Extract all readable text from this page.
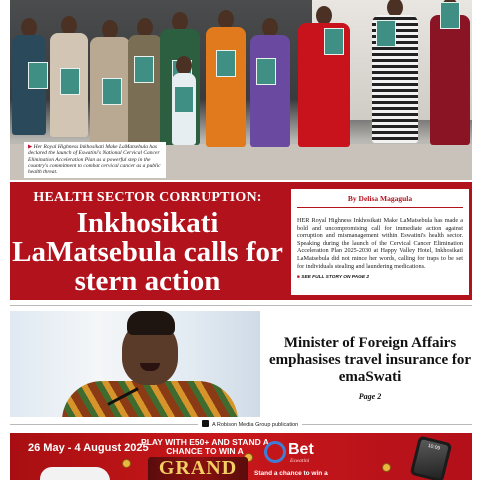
▶ Her Royal Highness Inkhosikati Make LaMatsebula has declared the launch of Eswatini's National Cervical Cancer Elimination Acceleration Plan as a powerful step in the country's commitment to combat cervical cancer as a public health threat.

HEALTH SECTOR CORRUPTION:
Inkhosikati LaMatsebula calls for stern action
By Delisa Magagula

HER Royal Highness Inkhosikati Make LaMatsebula has made a bold and uncompromising call for immediate action against corruption and mismanagement within Eswatini's health sector. Speaking during the launch of the Cervical Cancer Elimination Acceleration Plan 2025-2030 at Happy Valley Hotel, Inkhosikati LaMatsebula did not mince her words, calling for traps to be set for individuals stealing and laundering medications.

■ SEE FULL STORY ON PAGE 2

Minister of Foreign Affairs emphasises travel insurance for emaSwati
Page 2
A Robison Media Group publication
26 May - 4 August 2025
PLAY WITH E50+ AND STAND A CHANCE TO WIN A
GRAND
Bet
Eswatini
Stand a chance to win a
10:09
